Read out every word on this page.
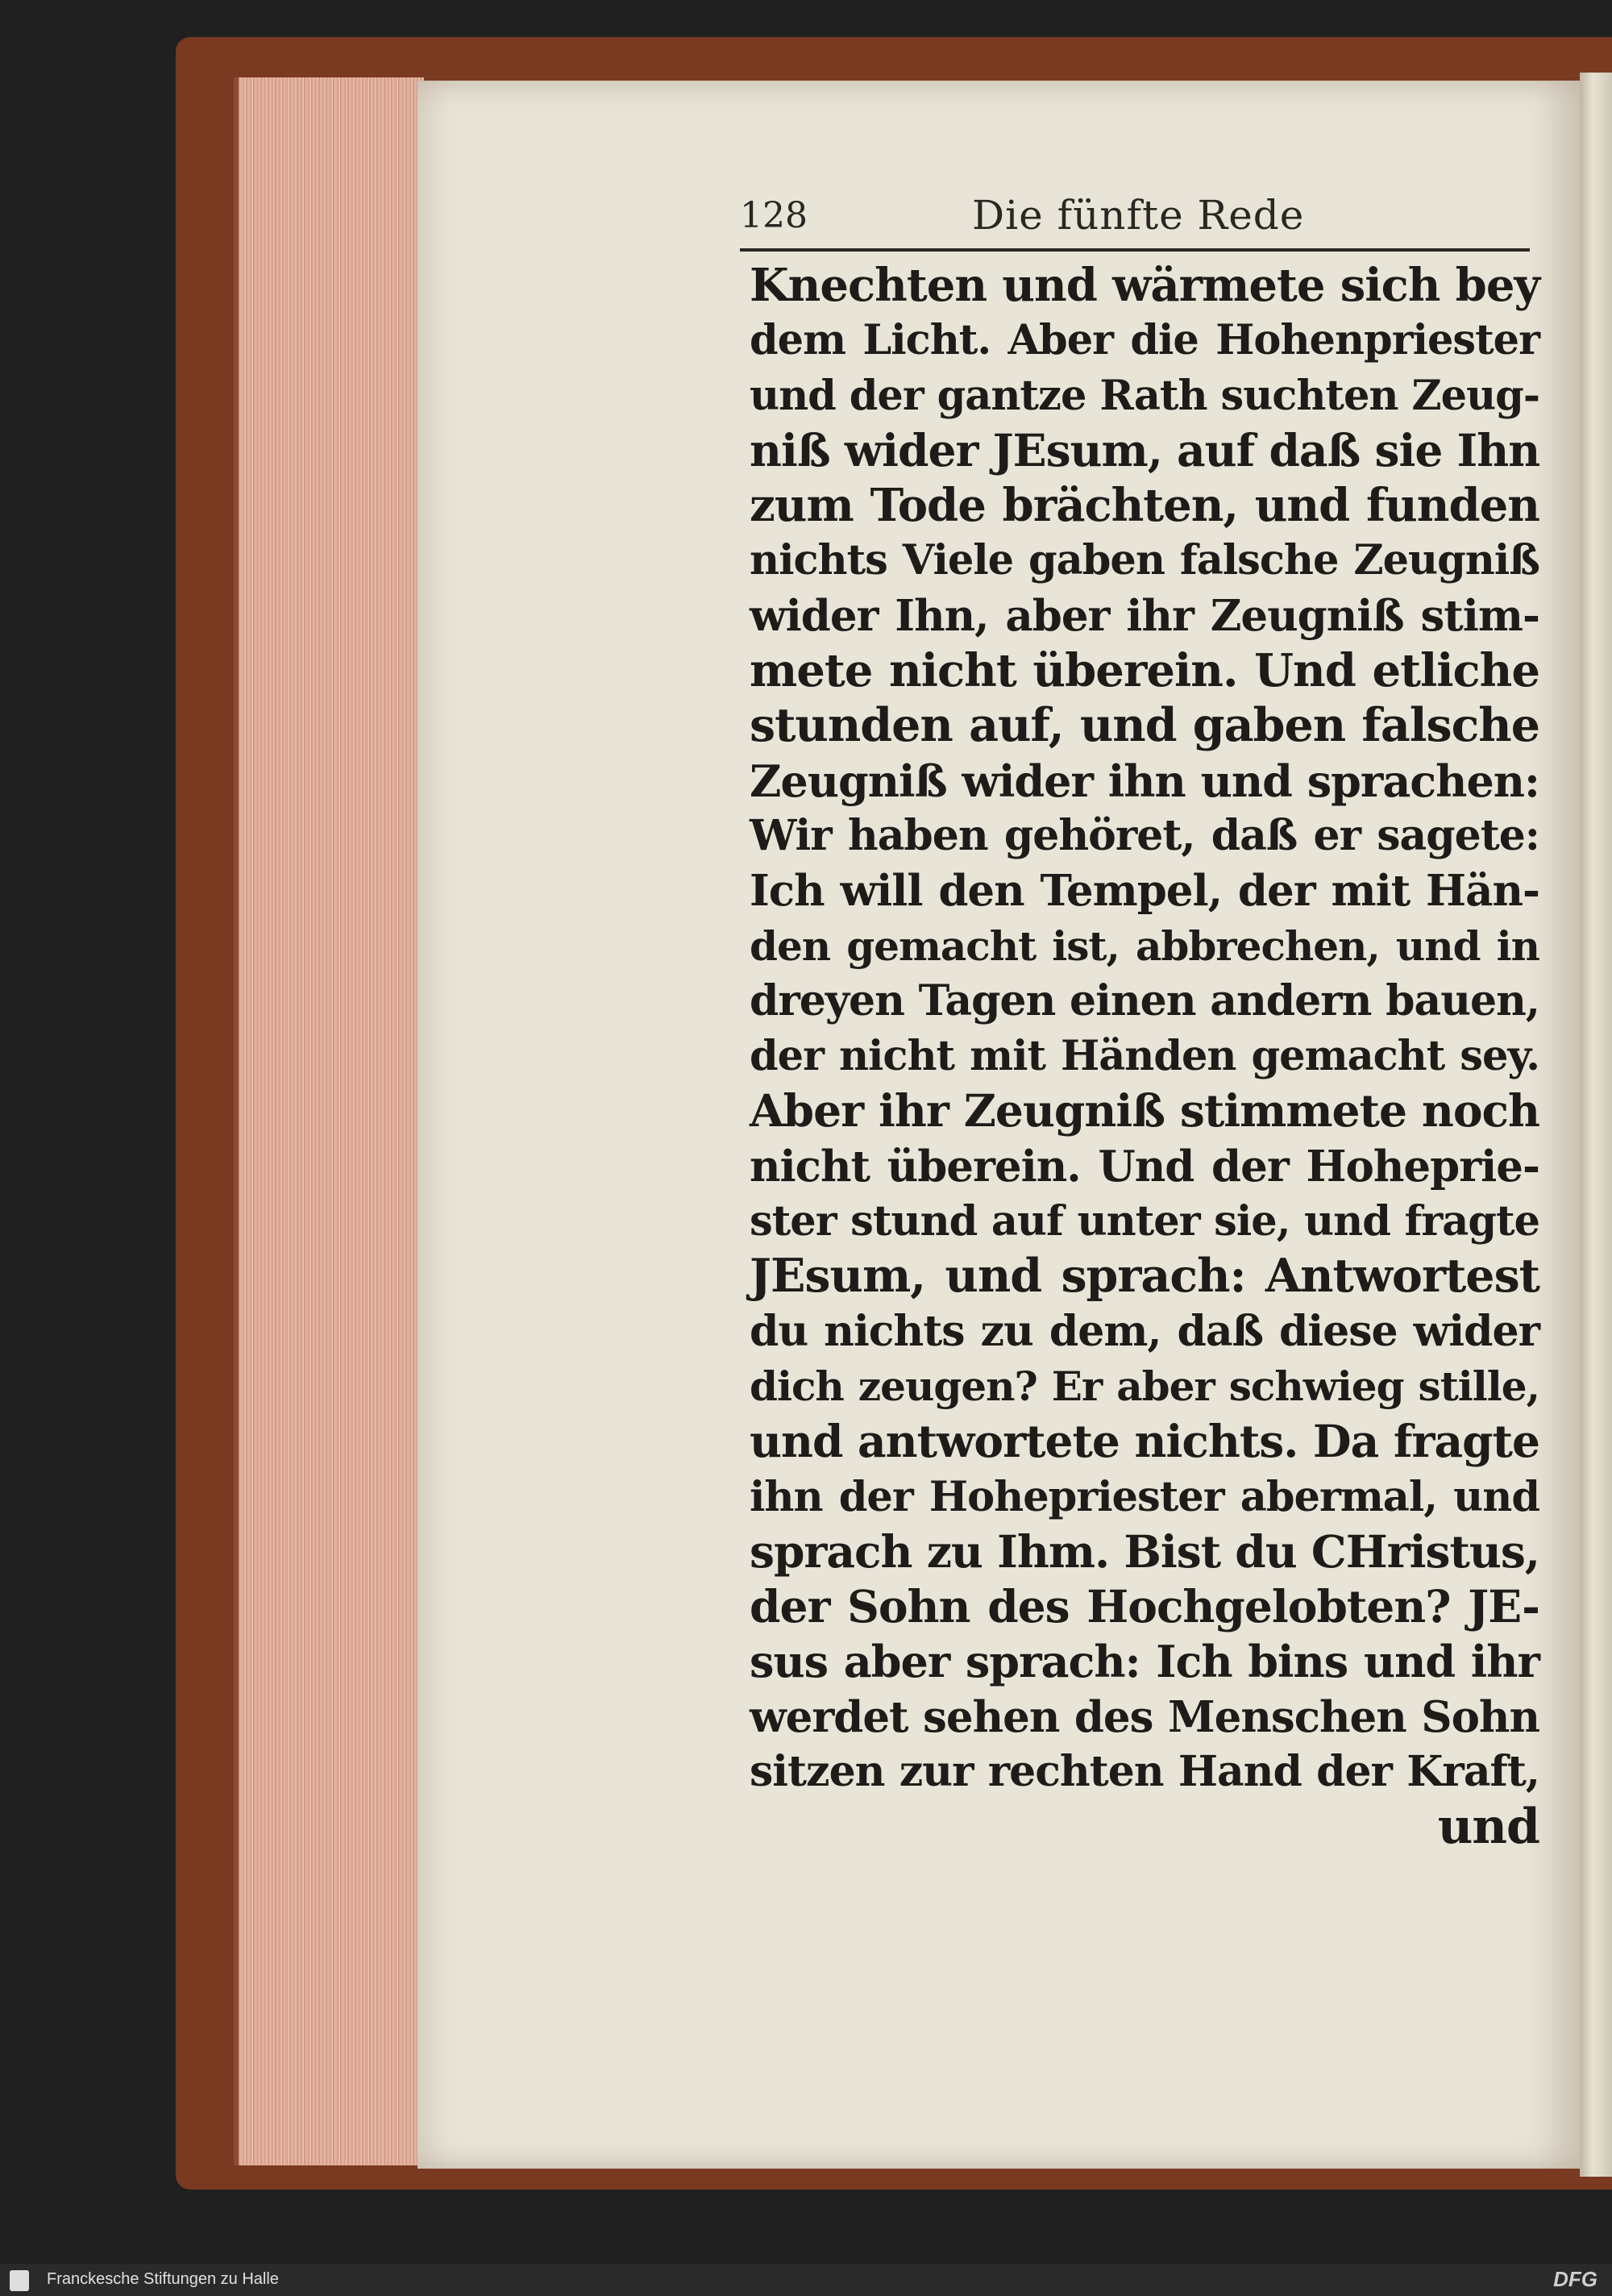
128	Die fünfte Rede
Knechten und wärmete sich bey
dem Licht. Aber die Hohenpriester
und der gantze Rath suchten Zeug-
niß wider JEsum, auf daß sie Ihn
zum Tode brächten, und funden
nichts Viele gaben falsche Zeugniß
wider Ihn, aber ihr Zeugniß stim-
mete nicht überein. Und etliche
stunden auf, und gaben falsche
Zeugniß wider ihn und sprachen:
Wir haben gehöret, daß er sagete:
Ich will den Tempel, der mit Hän-
den gemacht ist, abbrechen, und in
dreyen Tagen einen andern bauen,
der nicht mit Händen gemacht sey.
Aber ihr Zeugniß stimmete noch
nicht überein. Und der Hoheprie-
ster stund auf unter sie, und fragte
JEsum, und sprach: Antwortest
du nichts zu dem, daß diese wider
dich zeugen? Er aber schwieg stille,
und antwortete nichts. Da fragte
ihn der Hohepriester abermal, und
sprach zu Ihm. Bist du CHristus,
der Sohn des Hochgelobten? JE-
sus aber sprach: Ich bins und ihr
werdet sehen des Menschen Sohn
sitzen zur rechten Hand der Kraft,
und
Franckesche Stiftungen zu Halle	DFG
